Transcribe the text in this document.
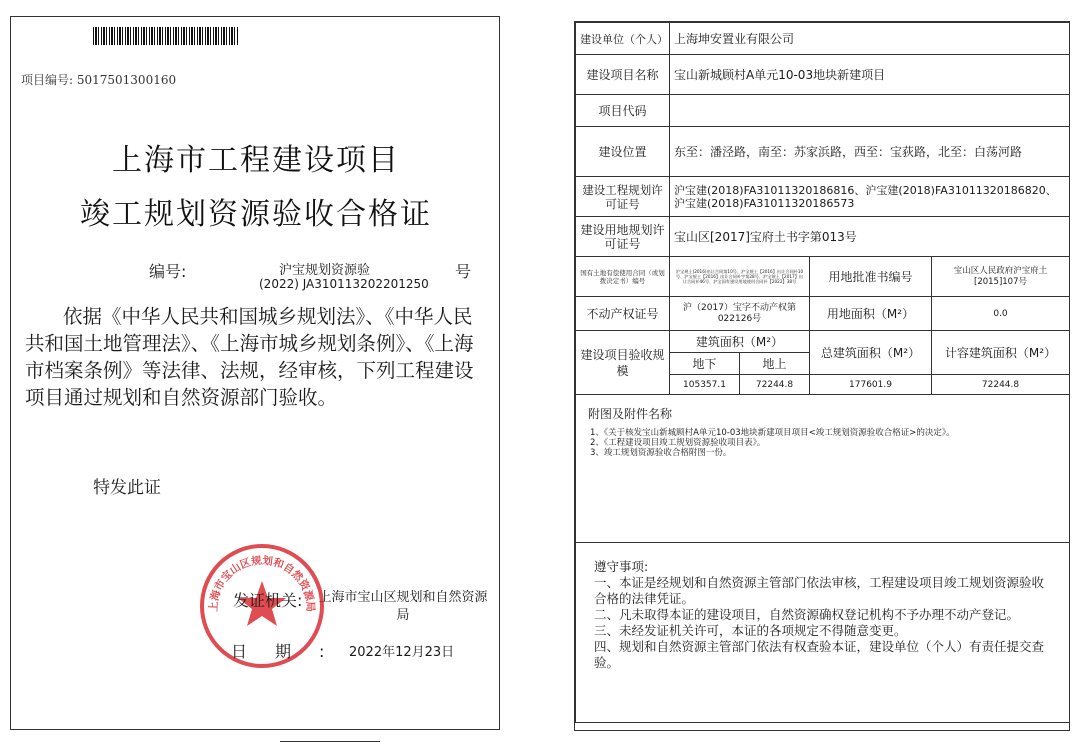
项目编号: 5017501300160
上海市工程建设项目
竣工规划资源验收合格证
编号:	沪宝规划资源验
(2022) JA310113202201250
号
依据《中华人民共和国城乡规划法》、《中华人民共和国土地管理法》、《上海市城乡规划条例》、《上海市档案条例》等法律、法规，经审核，下列工程建设项目通过规划和自然资源部门验收。
特发此证
上海市宝山区规划和自然资源局
发证机关:	上海市宝山区规划和自然资源局
日期:
2022年12月23日
建设单位（个人）	上海坤安置业有限公司			
建设项目名称	宝山新城顾村A单元10-03地块新建项目			
项目代码				
建设位置	东至：潘泾路，南至：苏家浜路，西至：宝荻路，北至：白荡河路			
建设工程规划许可证号	沪宝建(2018)FA31011320186816、沪宝建(2018)FA31011320186820、沪宝建(2018)FA31011320186573			
建设用地规划许可证号	宝山区[2017]宝府土书字第013号			
国有土地有偿使用合同（或划拨决定书）编号	沪宝规土(2016)出让合同第10号、沪宝规土【2016】出让合同补10号、沪宝规土【2016】出让合同补字第28号、沪宝规土【2017】出让合同补46号、沪宝国有建设用地使用合同补【2022】38号		用地批准书编号	宝山区人民政府沪宝府土[2015]107号
不动产权证号	沪（2017）宝字不动产权第022126号		用地面积（M²）	0.0
建设项目验收规模	建筑面积（M²）		总建筑面积（M²）	计容建筑面积（M²）
	地下	地上		
	105357.1	72244.8	177601.9	72244.8

附图及附件名称
1、《关于核发宝山新城顾村A单元10-03地块新建项目项目<竣工规划资源验收合格证>的决定》。
2、《工程建设项目竣工规划资源验收项目表》。
3、竣工规划资源验收合格附图一份。				

遵守事项:
一、本证是经规划和自然资源主管部门依法审核，工程建设项目竣工规划资源验收合格的法律凭证。
二、凡未取得本证的建设项目，自然资源确权登记机构不予办理不动产登记。
三、未经发证机关许可，本证的各项规定不得随意变更。
四、规划和自然资源主管部门依法有权查验本证，建设单位（个人）有责任提交查验。				
